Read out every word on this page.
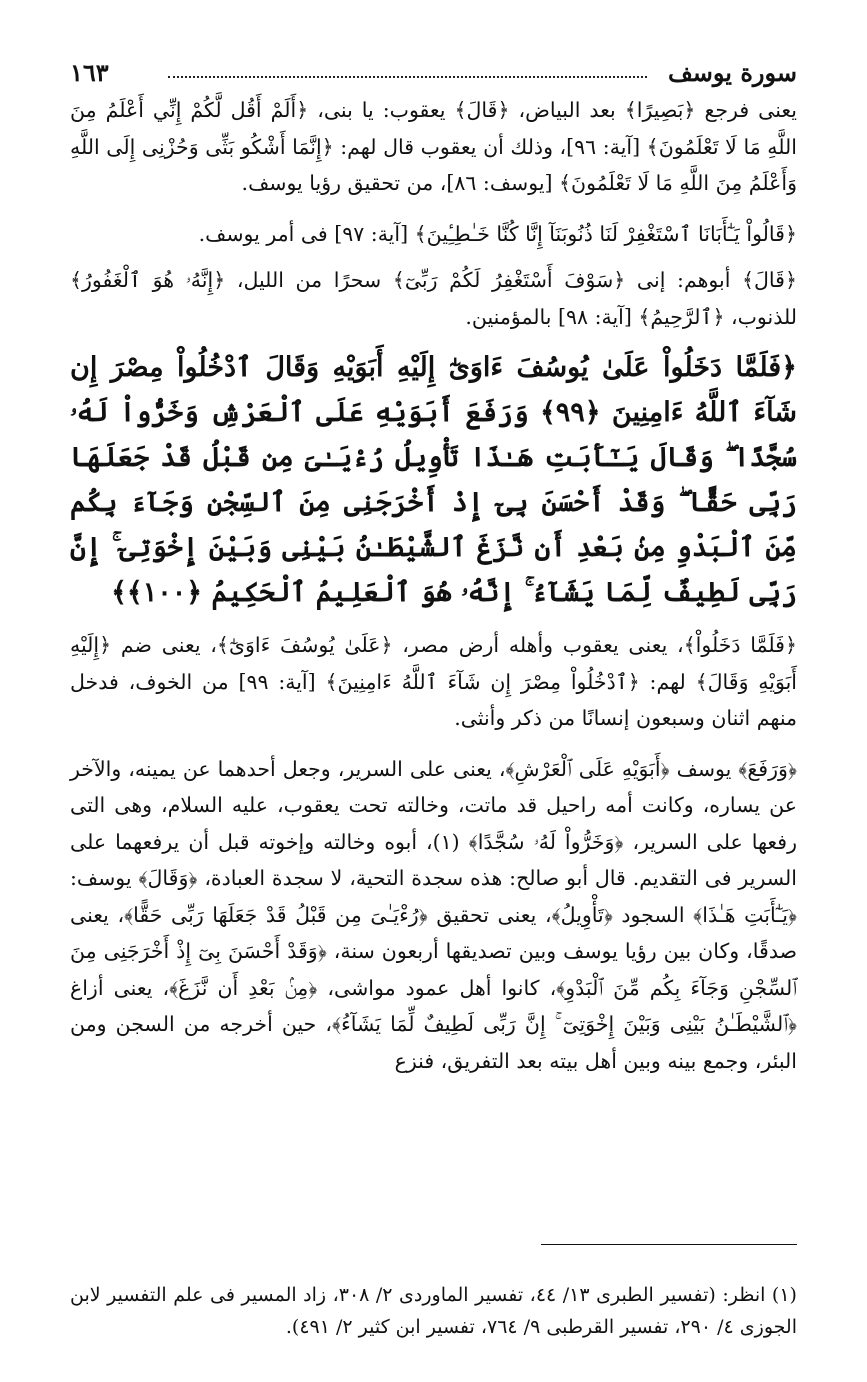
سورة يوسف
١٦٣

يعنى فرجع ﴿بَصِيرًا﴾ بعد البياض، ﴿قَالَ﴾ يعقوب: يا بنى، ﴿أَلَمْ أَقُل لَّكُمْ إِنِّي أَعْلَمُ مِنَ اللَّهِ مَا لَا تَعْلَمُونَ﴾ [آية: ٩٦]، وذلك أن يعقوب قال لهم: ﴿إِنَّمَا أَشْكُو بَثِّى وَحُزْنِى إِلَى اللَّهِ وَأَعْلَمُ مِنَ اللَّهِ مَا لَا تَعْلَمُونَ﴾ [يوسف: ٨٦]، من تحقيق رؤيا يوسف.

﴿قَالُواْ يَـٰٓأَبَانَا ٱسْتَغْفِرْ لَنَا ذُنُوبَنَآ إِنَّا كُنَّا خَـٰطِـِٔينَ﴾ [آية: ٩٧] فى أمر يوسف.

﴿قَالَ﴾ أبوهم: إنى ﴿سَوْفَ أَسْتَغْفِرُ لَكُمْ رَبِّىٓ﴾ سحرًا من الليل، ﴿إِنَّهُۥ هُوَ ٱلْغَفُورُ﴾ للذنوب، ﴿ٱلرَّحِيمُ﴾ [آية: ٩٨] بالمؤمنين.

﴿فَلَمَّا دَخَلُواْ عَلَىٰ يُوسُفَ ءَاوَىٰٓ إِلَيْهِ أَبَوَيْهِ وَقَالَ ٱدْخُلُواْ مِصْرَ إِن شَآءَ ٱللَّهُ ءَامِنِينَ ﴿٩٩﴾ وَرَفَعَ أَبَوَيْهِ عَلَى ٱلْعَرْشِ وَخَرُّواْ لَهُۥ سُجَّدًا ۖ وَقَالَ يَـٰٓأَبَتِ هَـٰذَا تَأْوِيلُ رُءْيَـٰىَ مِن قَبْلُ قَدْ جَعَلَهَا رَبِّى حَقًّا ۖ وَقَدْ أَحْسَنَ بِىٓ إِذْ أَخْرَجَنِى مِنَ ٱلسِّجْنِ وَجَآءَ بِكُم مِّنَ ٱلْبَدْوِ مِنۢ بَعْدِ أَن نَّزَغَ ٱلشَّيْطَـٰنُ بَيْنِى وَبَيْنَ إِخْوَتِىٓ ۚ إِنَّ رَبِّى لَطِيفٌ لِّمَا يَشَآءُ ۚ إِنَّهُۥ هُوَ ٱلْعَلِيمُ ٱلْحَكِيمُ ﴿١٠٠﴾﴾

﴿فَلَمَّا دَخَلُواْ﴾، يعنى يعقوب وأهله أرض مصر، ﴿عَلَىٰ يُوسُفَ ءَاوَىٰٓ﴾، يعنى ضم ﴿إِلَيْهِ أَبَوَيْهِ وَقَالَ﴾ لهم: ﴿ٱدْخُلُواْ مِصْرَ إِن شَآءَ ٱللَّهُ ءَامِنِينَ﴾ [آية: ٩٩] من الخوف، فدخل منهم اثنان وسبعون إنسانًا من ذكر وأنثى.

﴿وَرَفَعَ﴾ يوسف ﴿أَبَوَيْهِ عَلَى ٱلْعَرْشِ﴾، يعنى على السرير، وجعل أحدهما عن يمينه، والآخر عن يساره، وكانت أمه راحيل قد ماتت، وخالته تحت يعقوب، عليه السلام، وهى التى رفعها على السرير، ﴿وَخَرُّواْ لَهُۥ سُجَّدًا﴾ (١)، أبوه وخالته وإخوته قبل أن يرفعهما على السرير فى التقديم. قال أبو صالح: هذه سجدة التحية، لا سجدة العبادة، ﴿وَقَالَ﴾ يوسف: ﴿يَـٰٓأَبَتِ هَـٰذَا﴾ السجود ﴿تَأْوِيلُ﴾، يعنى تحقيق ﴿رُءْيَـٰىَ مِن قَبْلُ قَدْ جَعَلَهَا رَبِّى حَقًّا﴾، يعنى صدقًا، وكان بين رؤيا يوسف وبين تصديقها أربعون سنة، ﴿وَقَدْ أَحْسَنَ بِىٓ إِذْ أَخْرَجَنِى مِنَ ٱلسِّجْنِ وَجَآءَ بِكُم مِّنَ ٱلْبَدْوِ﴾، كانوا أهل عمود مواشى، ﴿مِنۢ بَعْدِ أَن نَّزَغَ﴾، يعنى أزاغ ﴿ٱلشَّيْطَـٰنُ بَيْنِى وَبَيْنَ إِخْوَتِىٓ ۚ إِنَّ رَبِّى لَطِيفٌ لِّمَا يَشَآءُ﴾، حين أخرجه من السجن ومن البئر، وجمع بينه وبين أهل بيته بعد التفريق، فنزع

(١) انظر: (تفسير الطبرى ١٣/ ٤٤، تفسير الماوردى ٢/ ٣٠٨، زاد المسير فى علم التفسير لابن الجوزى ٤/ ٢٩٠، تفسير القرطبى ٩/ ٧٦٤، تفسير ابن كثير ٢/ ٤٩١).
